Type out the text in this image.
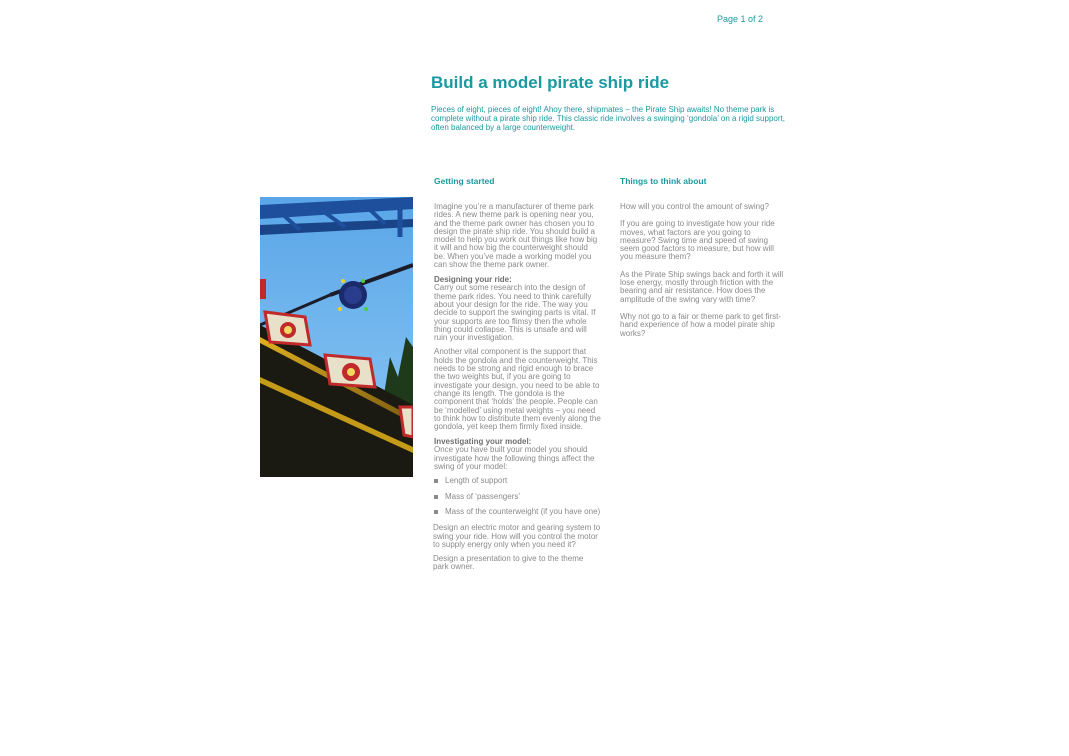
Page 1 of 2
Build a model pirate ship ride

Pieces of eight, pieces of eight! Ahoy there, shipmates – the Pirate Ship awaits! No theme park is complete without a pirate ship ride. This classic ride involves a swinging ‘gondola’ on a rigid support, often balanced by a large counterweight.

Getting started

Imagine you’re a manufacturer of theme park rides. A new theme park is opening near you, and the theme park owner has chosen you to design the pirate ship ride. You should build a model to help you work out things like how big it will and how big the counterweight should be. When you’ve made a working model you can show the theme park owner.

Designing your ride:

Carry out some research into the design of theme park rides. You need to think carefully about your design for the ride. The way you decide to support the swinging parts is vital. If your supports are too flimsy then the whole thing could collapse. This is unsafe and will ruin your investigation.

Another vital component is the support that holds the gondola and the counterweight. This needs to be strong and rigid enough to brace the two weights but, if you are going to investigate your design, you need to be able to change its length. The gondola is the component that ‘holds’ the people. People can be ‘modelled’ using metal weights – you need to think how to distribute them evenly along the gondola, yet keep them firmly fixed inside.

Investigating your model:

Once you have built your model you should investigate how the following things affect the swing of your model:

Length of support
Mass of ‘passengers’
Mass of the counterweight (if you have one)

Design an electric motor and gearing system to swing your ride. How will you control the motor to supply energy only when you need it?

Design a presentation to give to the theme park owner.

Things to think about

How will you control the amount of swing?

If you are going to investigate how your ride moves, what factors are you going to measure? Swing time and speed of swing seem good factors to measure, but how will you measure them?

As the Pirate Ship swings back and forth it will lose energy, mostly through friction with the bearing and air resistance. How does the amplitude of the swing vary with time?

Why not go to a fair or theme park to get first-hand experience of how a model pirate ship works?
